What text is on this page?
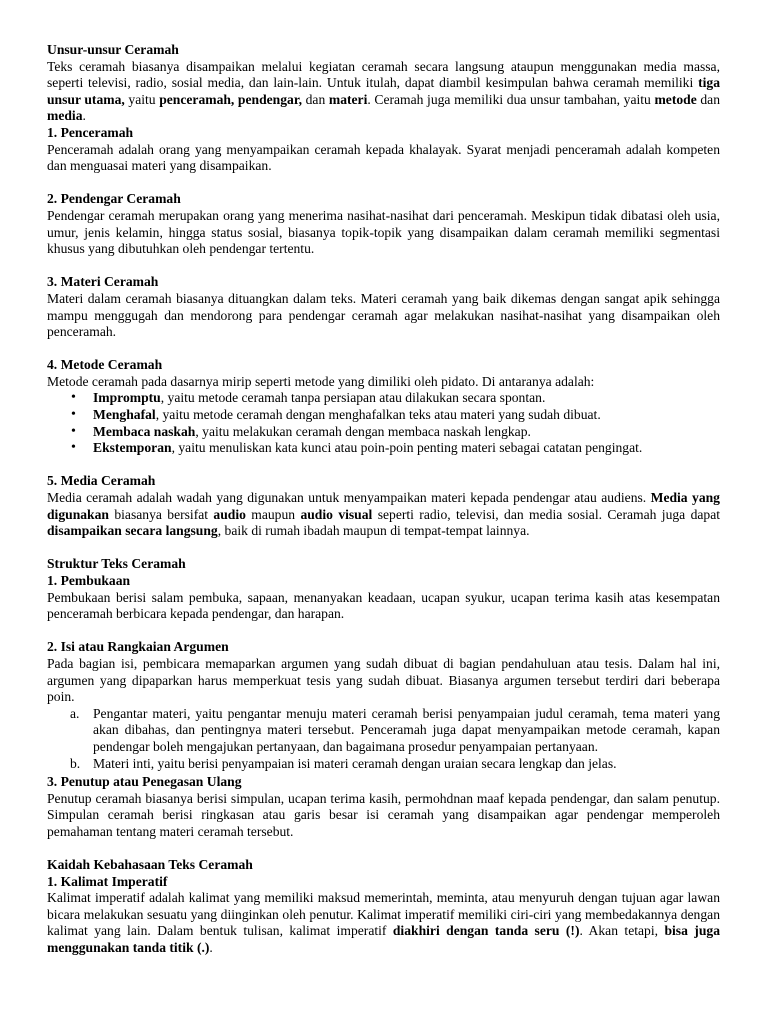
Unsur-unsur Ceramah

Teks ceramah biasanya disampaikan melalui kegiatan ceramah secara langsung ataupun menggunakan media massa, seperti televisi, radio, sosial media, dan lain-lain. Untuk itulah, dapat diambil kesimpulan bahwa ceramah memiliki tiga unsur utama, yaitu penceramah, pendengar, dan materi. Ceramah juga memiliki dua unsur tambahan, yaitu metode dan media.

1. Penceramah

Penceramah adalah orang yang menyampaikan ceramah kepada khalayak. Syarat menjadi penceramah adalah kompeten dan menguasai materi yang disampaikan.

2. Pendengar Ceramah

Pendengar ceramah merupakan orang yang menerima nasihat-nasihat dari penceramah. Meskipun tidak dibatasi oleh usia, umur, jenis kelamin, hingga status sosial, biasanya topik-topik yang disampaikan dalam ceramah memiliki segmentasi khusus yang dibutuhkan oleh pendengar tertentu.

3. Materi Ceramah

Materi dalam ceramah biasanya dituangkan dalam teks. Materi ceramah yang baik dikemas dengan sangat apik sehingga mampu menggugah dan mendorong para pendengar ceramah agar melakukan nasihat-nasihat yang disampaikan oleh penceramah.

4. Metode Ceramah

Metode ceramah pada dasarnya mirip seperti metode yang dimiliki oleh pidato. Di antaranya adalah:

• Impromptu, yaitu metode ceramah tanpa persiapan atau dilakukan secara spontan.
• Menghafal, yaitu metode ceramah dengan menghafalkan teks atau materi yang sudah dibuat.
• Membaca naskah, yaitu melakukan ceramah dengan membaca naskah lengkap.
• Ekstemporan, yaitu menuliskan kata kunci atau poin-poin penting materi sebagai catatan pengingat.
5. Media Ceramah

Media ceramah adalah wadah yang digunakan untuk menyampaikan materi kepada pendengar atau audiens. Media yang digunakan biasanya bersifat audio maupun audio visual seperti radio, televisi, dan media sosial. Ceramah juga dapat disampaikan secara langsung, baik di rumah ibadah maupun di tempat-tempat lainnya.

Struktur Teks Ceramah
1. Pembukaan

Pembukaan berisi salam pembuka, sapaan, menanyakan keadaan, ucapan syukur, ucapan terima kasih atas kesempatan penceramah berbicara kepada pendengar, dan harapan.

2. Isi atau Rangkaian Argumen

Pada bagian isi, pembicara memaparkan argumen yang sudah dibuat di bagian pendahuluan atau tesis. Dalam hal ini, argumen yang dipaparkan harus memperkuat tesis yang sudah dibuat. Biasanya argumen tersebut terdiri dari beberapa poin.

a. Pengantar materi, yaitu pengantar menuju materi ceramah berisi penyampaian judul ceramah, tema materi yang akan dibahas, dan pentingnya materi tersebut. Penceramah juga dapat menyampaikan metode ceramah, kapan pendengar boleh mengajukan pertanyaan, dan bagaimana prosedur penyampaian pertanyaan.
b. Materi inti, yaitu berisi penyampaian isi materi ceramah dengan uraian secara lengkap dan jelas.
3. Penutup atau Penegasan Ulang

Penutup ceramah biasanya berisi simpulan, ucapan terima kasih, permohdnan maaf kepada pendengar, dan salam penutup. Simpulan ceramah berisi ringkasan atau garis besar isi ceramah yang disampaikan agar pendengar memperoleh pemahaman tentang materi ceramah tersebut.

Kaidah Kebahasaan Teks Ceramah
1. Kalimat Imperatif

Kalimat imperatif adalah kalimat yang memiliki maksud memerintah, meminta, atau menyuruh dengan tujuan agar lawan bicara melakukan sesuatu yang diinginkan oleh penutur. Kalimat imperatif memiliki ciri-ciri yang membedakannya dengan kalimat yang lain. Dalam bentuk tulisan, kalimat imperatif diakhiri dengan tanda seru (!). Akan tetapi, bisa juga menggunakan tanda titik (.).
